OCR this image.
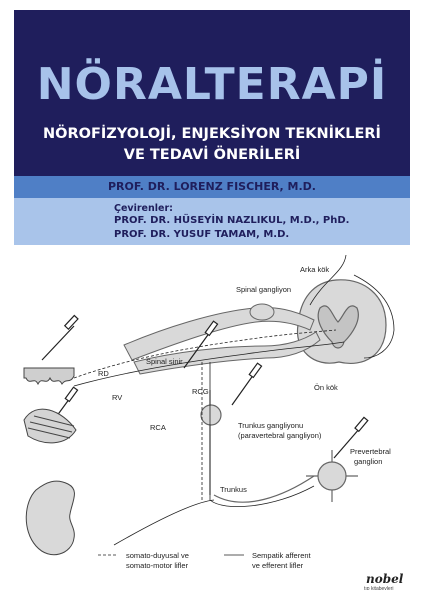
NÖRALTERAPİ
NÖROFİZYOLOJİ, ENJEKSİYON TEKNİKLERİ
VE TEDAVİ ÖNERİLERİ
PROF. DR. LORENZ FISCHER, M.D.
Çevirenler:
PROF. DR. HÜSEYİN NAZLIKUL, M.D., PhD.
PROF. DR. YUSUF TAMAM, M.D.
Arka kök
Spinal gangliyon
Spinal sinir
Ön kök
RD
RV
RCG
RCA	Trunkus gangliyonu
(paravertebral gangliyon)
Prevertebral
ganglion
Trunkus
somato-duyusal ve
somato-motor lifler
Sempatik afferent
ve efferent lifler
nobel
tıp kitabevleri
